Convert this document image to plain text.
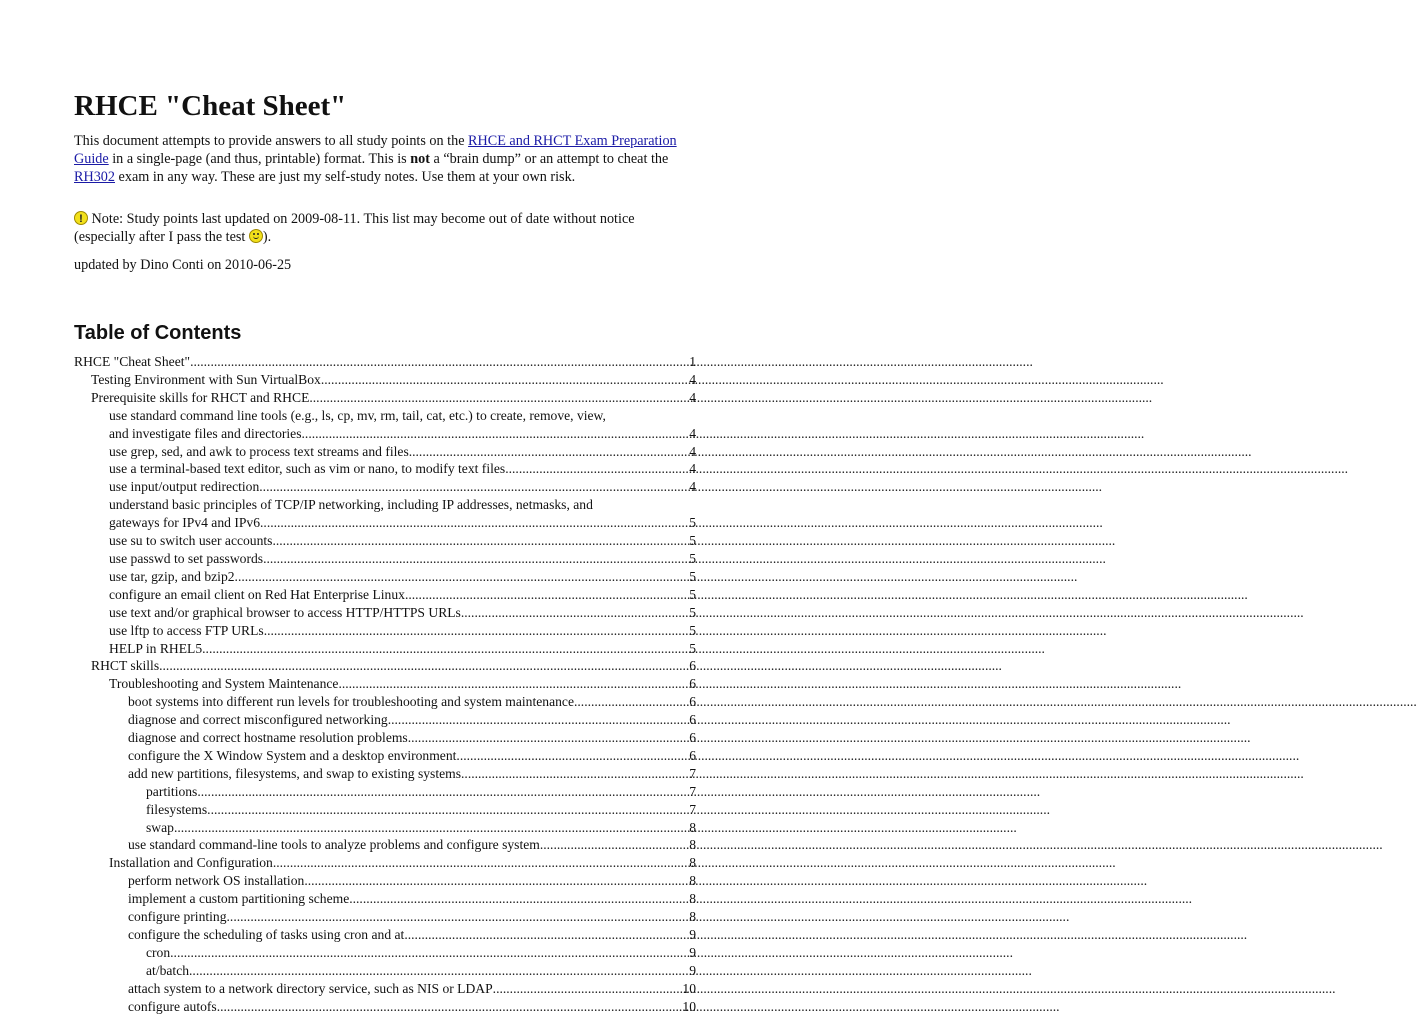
RHCE "Cheat Sheet"

This document attempts to provide answers to all study points on the RHCE and RHCT Exam Preparation Guide in a single-page (and thus, printable) format. This is not a “brain dump” or an attempt to cheat the RH302 exam in any way. These are just my self-study notes. Use them at your own risk.

! Note: Study points last updated on 2009-08-11. This list may become out of date without notice (especially after I pass the test ).

updated by Dino Conti on 2010-06-25

Table of Contents
RHCE "Cheat Sheet" .....	1
Testing Environment with Sun VirtualBox .....	4
Prerequisite skills for RHCT and RHCE .....	4
use standard command line tools (e.g., ls, cp, mv, rm, tail, cat, etc.) to create, remove, view,
and investigate files and directories .....	4
use grep, sed, and awk to process text streams and files .....	4
use a terminal-based text editor, such as vim or nano, to modify text files .....	4
use input/output redirection .....	4
understand basic principles of TCP/IP networking, including IP addresses, netmasks, and
gateways for IPv4 and IPv6 .....	5
use su to switch user accounts .....	5
use passwd to set passwords .....	5
use tar, gzip, and bzip2 .....	5
configure an email client on Red Hat Enterprise Linux .....	5
use text and/or graphical browser to access HTTP/HTTPS URLs .....	5
use lftp to access FTP URLs .....	5
HELP in RHEL5 .....	5
RHCT skills .....	6
Troubleshooting and System Maintenance .....	6
boot systems into different run levels for troubleshooting and system maintenance .....	6
diagnose and correct misconfigured networking .....	6
diagnose and correct hostname resolution problems .....	6
configure the X Window System and a desktop environment .....	6
add new partitions, filesystems, and swap to existing systems .....	7
partitions .....	7
filesystems .....	7
swap .....	8
use standard command-line tools to analyze problems and configure system .....	8
Installation and Configuration .....	8
perform network OS installation .....	8
implement a custom partitioning scheme .....	8
configure printing .....	8
configure the scheduling of tasks using cron and at .....	9
cron .....	9
at/batch .....	9
attach system to a network directory service, such as NIS or LDAP .....	10
configure autofs .....	10
